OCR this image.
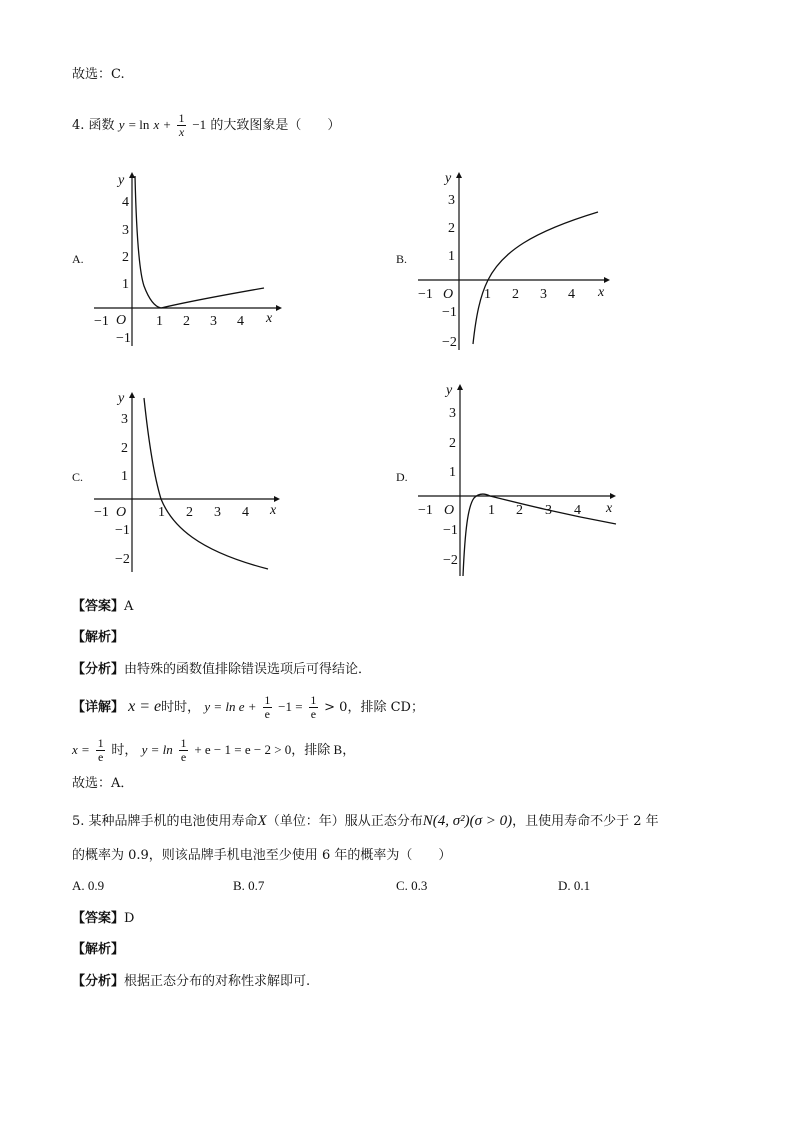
故选：C.
4. 函数 $y = \ln x + \frac{1}{x} -1$ 的大致图象是（　　）
A.	B.
C.	D.
y
x
O
4
3
2
1
−1
−1	1 2 3 4
y
x
O
3
2
1
−1
−2
−1	1 2 3 4
y
x
O
3
2
1
−1
−2
−1	1 2 3 4
y
x
O
3
2
1
−1
−2
−1	1 2 3 4
【答案】A
【解析】
【分析】由特殊的函数值排除错误选项后可得结论．
【详解】 x = e时时， $y = \ln e + \frac{1}{e} -1 = \frac{1}{e} > 0$，排除 CD；
$x = \frac{1}{e}$ 时， $y = \ln \frac{1}{e} + e - 1 = e - 2 > 0$，排除 B，
故选：A．
5. 某种品牌手机的电池使用寿命X（单位：年）服从正态分布N(4, σ²)(σ > 0)，且使用寿命不少于 2 年
的概率为 0.9，则该品牌手机电池至少使用 6 年的概率为（　　）
A. 0.9	B. 0.7	C. 0.3	D. 0.1
【答案】D
【解析】
【分析】根据正态分布的对称性求解即可.
